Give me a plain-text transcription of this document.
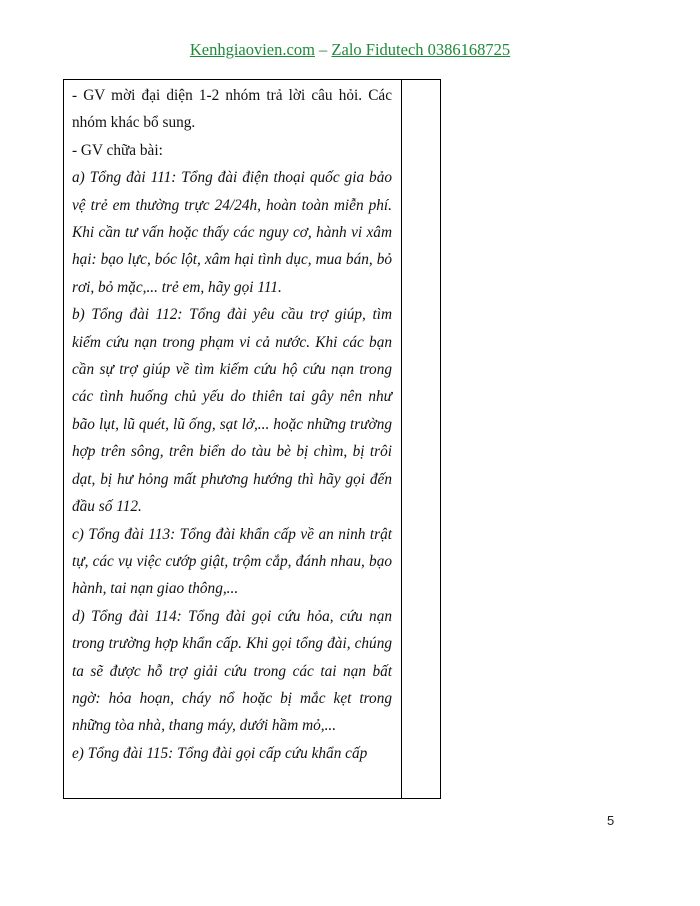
Kenhgiaovien.com – Zalo Fidutech 0386168725

- GV mời đại diện 1-2 nhóm trả lời câu hỏi. Các nhóm khác bổ sung.

- GV chữa bài:

a) Tổng đài 111: Tổng đài điện thoại quốc gia bảo vệ trẻ em thường trực 24/24h, hoàn toàn miễn phí. Khi cần tư vấn hoặc thấy các nguy cơ, hành vi xâm hại: bạo lực, bóc lột, xâm hại tình dục, mua bán, bỏ rơi, bỏ mặc,... trẻ em, hãy gọi 111.

b) Tổng đài 112: Tổng đài yêu cầu trợ giúp, tìm kiếm cứu nạn trong phạm vi cả nước. Khi các bạn cần sự trợ giúp về tìm kiếm cứu hộ cứu nạn trong các tình huống chủ yếu do thiên tai gây nên như bão lụt, lũ quét, lũ ống, sạt lở,... hoặc những trường hợp trên sông, trên biển do tàu bè bị chìm, bị trôi dạt, bị hư hỏng mất phương hướng thì hãy gọi đến đầu số 112.

c) Tổng đài 113: Tổng đài khẩn cấp về an ninh trật tự, các vụ việc cướp giật, trộm cắp, đánh nhau, bạo hành, tai nạn giao thông,...

d) Tổng đài 114: Tổng đài gọi cứu hỏa, cứu nạn trong trường hợp khẩn cấp. Khi gọi tổng đài, chúng ta sẽ được hỗ trợ giải cứu trong các tai nạn bất ngờ: hỏa hoạn, cháy nổ hoặc bị mắc kẹt trong những tòa nhà, thang máy, dưới hầm mỏ,...

e) Tổng đài 115: Tổng đài gọi cấp cứu khẩn cấp

5
